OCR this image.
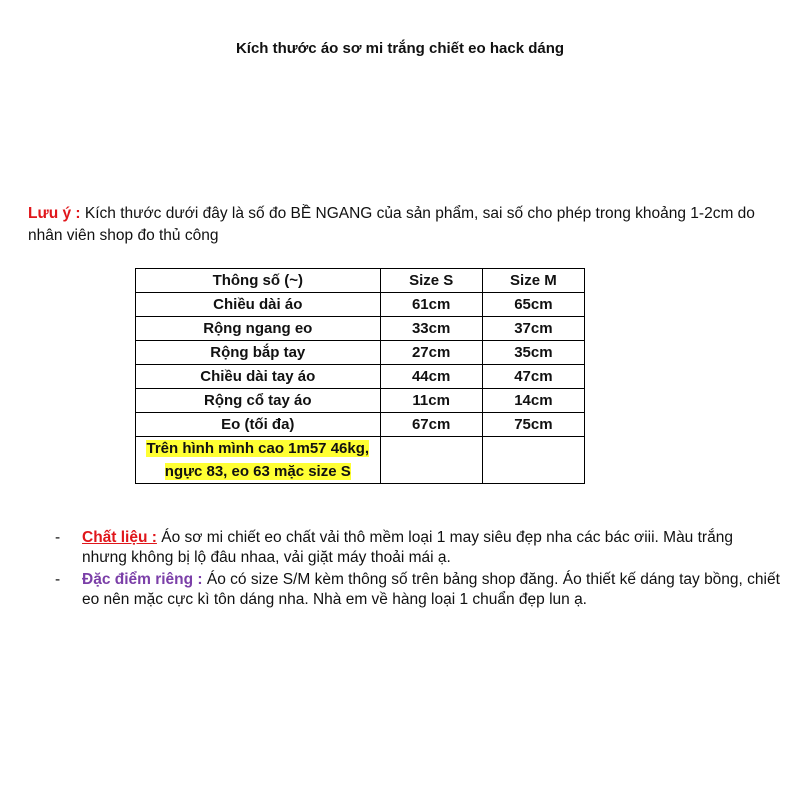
Kích thước áo sơ mi trắng chiết eo hack dáng
Lưu ý : Kích thước dưới đây là số đo BỀ NGANG của sản phẩm, sai số cho phép trong khoảng 1-2cm do nhân viên shop đo thủ công
Thông số (~)	Size S	Size M
Chiều dài áo	61cm	65cm
Rộng ngang eo	33cm	37cm
Rộng bắp tay	27cm	35cm
Chiều dài tay áo	44cm	47cm
Rộng cổ tay áo	11cm	14cm
Eo (tối đa)	67cm	75cm
Trên hình mình cao 1m57 46kg, ngực 83, eo 63 mặc size S		
-	Chất liệu : Áo sơ mi chiết eo chất vải thô mềm loại 1 may siêu đẹp nha các bác ơiii. Màu trắng nhưng không bị lộ đâu nhaa, vải giặt máy thoải mái ạ.
-	Đặc điểm riêng : Áo có size S/M kèm thông số trên bảng shop đăng. Áo thiết kế dáng tay bồng, chiết eo nên mặc cực kì tôn dáng nha. Nhà em về hàng loại 1 chuẩn đẹp lun ạ.
